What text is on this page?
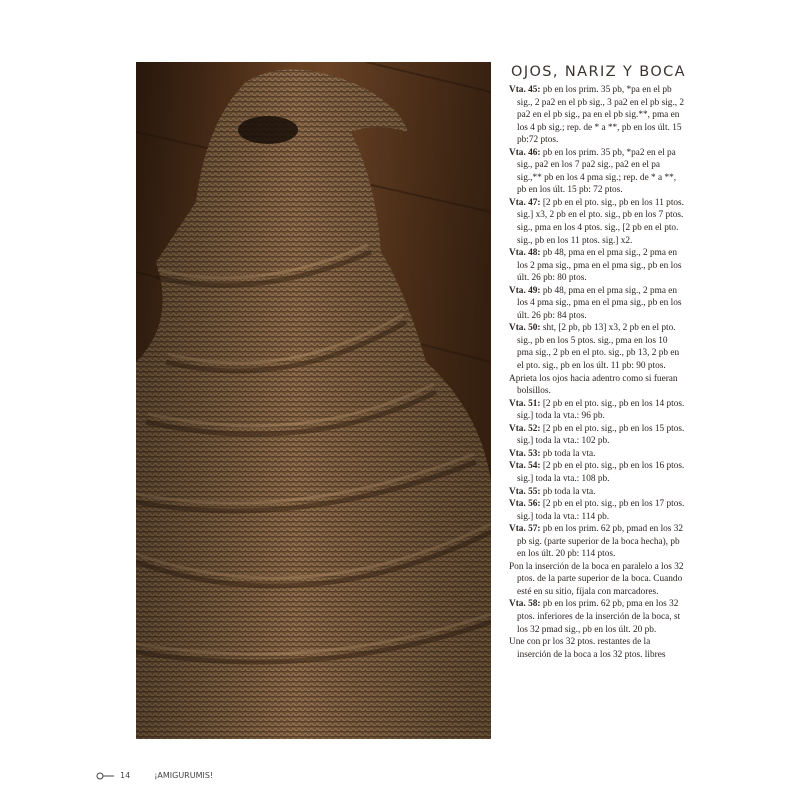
OJOS, NARIZ Y BOCA

Vta. 45: pb en los prim. 35 pb, *pa en el pb sig., 2 pa2 en el pb sig., 3 pa2 en el pb sig., 2 pa2 en el pb sig., pa en el pb sig.**, pma en los 4 pb sig.; rep. de * a **, pb en los últ. 15 pb:72 ptos.

Vta. 46: pb en los prim. 35 pb, *pa2 en el pa sig., pa2 en los 7 pa2 sig., pa2 en el pa sig.,** pb en los 4 pma sig.; rep. de * a **, pb en los últ. 15 pb: 72 ptos.

Vta. 47: [2 pb en el pto. sig., pb en los 11 ptos. sig.] x3, 2 pb en el pto. sig., pb en los 7 ptos. sig., pma en los 4 ptos. sig., [2 pb en el pto. sig., pb en los 11 ptos. sig.] x2.

Vta. 48: pb 48, pma en el pma sig., 2 pma en los 2 pma sig., pma en el pma sig., pb en los últ. 26 pb: 80 ptos.

Vta. 49: pb 48, pma en el pma sig., 2 pma en los 4 pma sig., pma en el pma sig., pb en los últ. 26 pb: 84 ptos.

Vta. 50: sht, [2 pb, pb 13] x3, 2 pb en el pto. sig., pb en los 5 ptos. sig., pma en los 10 pma sig., 2 pb en el pto. sig., pb 13, 2 pb en el pto. sig., pb en los últ. 11 pb: 90 ptos.

Aprieta los ojos hacia adentro como si fueran bolsillos.

Vta. 51: [2 pb en el pto. sig., pb en los 14 ptos. sig.] toda la vta.: 96 pb.

Vta. 52: [2 pb en el pto. sig., pb en los 15 ptos. sig.] toda la vta.: 102 pb.

Vta. 53: pb toda la vta.

Vta. 54: [2 pb en el pto. sig., pb en los 16 ptos. sig.] toda la vta.: 108 pb.

Vta. 55: pb toda la vta.

Vta. 56: [2 pb en el pto. sig., pb en los 17 ptos. sig.] toda la vta.: 114 pb.

Vta. 57: pb en los prim. 62 pb, pmad en los 32 pb sig. (parte superior de la boca hecha), pb en los últ. 20 pb: 114 ptos.

Pon la inserción de la boca en paralelo a los 32 ptos. de la parte superior de la boca. Cuando esté en su sitio, fíjala con marcadores.

Vta. 58: pb en los prim. 62 pb, pma en los 32 ptos. inferiores de la inserción de la boca, st los 32 pmad sig., pb en los últ. 20 pb.

Une con pr los 32 ptos. restantes de la inserción de la boca a los 32 ptos. libres

14	¡AMIGURUMIS!
